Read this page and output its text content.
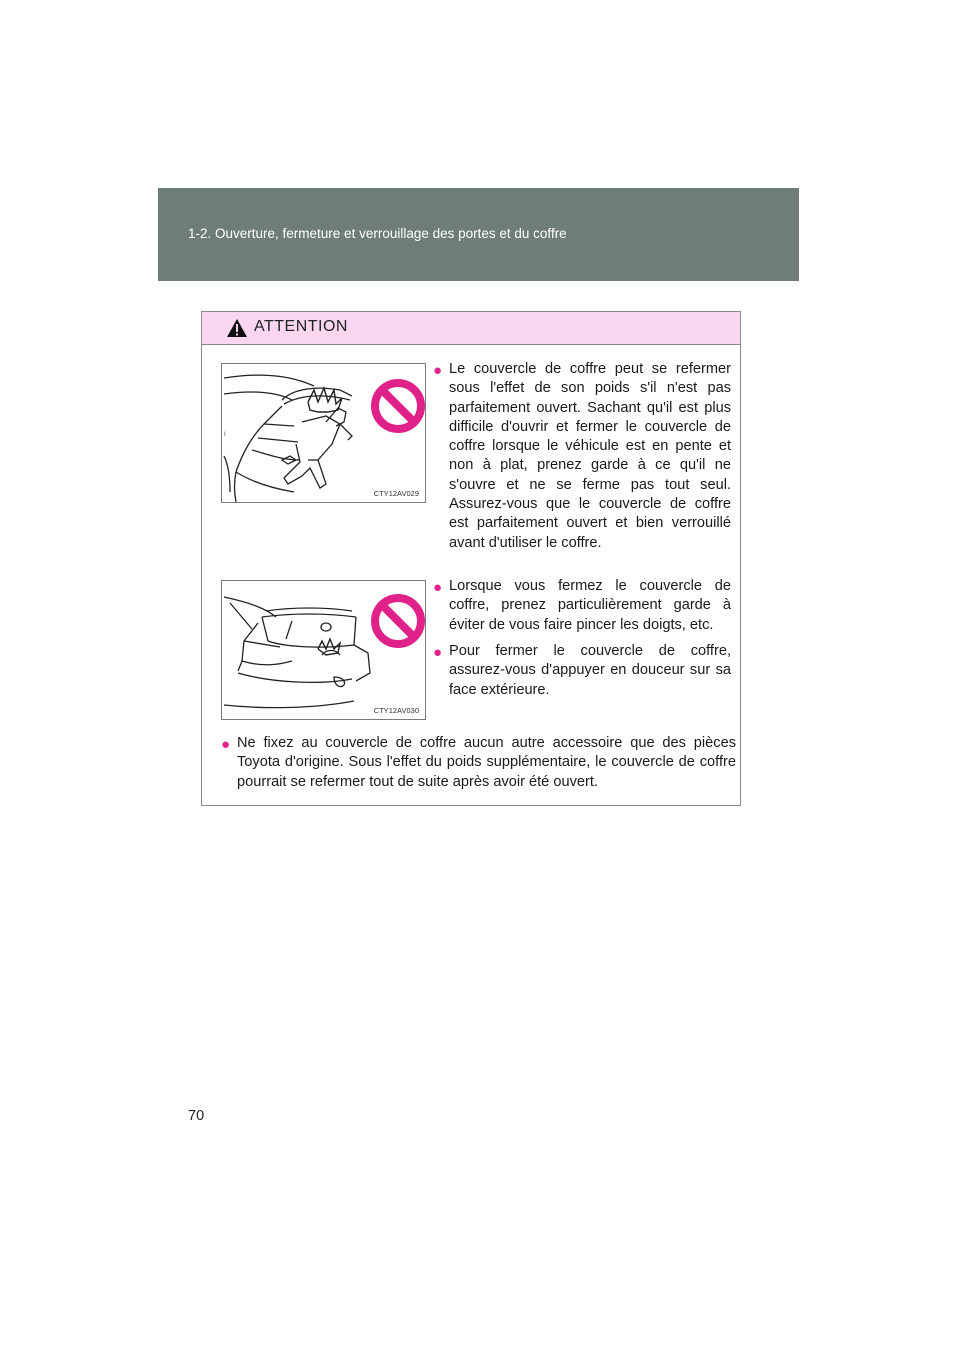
1-2. Ouverture, fermeture et verrouillage des portes et du coffre
ATTENTION
I
CTY12AV029
CTY12AV030
● Le couvercle de coffre peut se refermer sous l'effet de son poids s'il n'est pas parfaitement ouvert. Sachant qu'il est plus difficile d'ouvrir et fermer le couvercle de coffre lorsque le véhicule est en pente et non à plat, prenez garde à ce qu'il ne s'ouvre et ne se ferme pas tout seul. Assurez-vous que le couvercle de coffre est parfaitement ouvert et bien verrouillé avant d'utiliser le coffre.
● Lorsque vous fermez le couvercle de coffre, prenez particulièrement garde à éviter de vous faire pincer les doigts, etc.
● Pour fermer le couvercle de coffre, assurez-vous d'appuyer en douceur sur sa face extérieure.
● Ne fixez au couvercle de coffre aucun autre accessoire que des pièces Toyota d'origine. Sous l'effet du poids supplémentaire, le couvercle de coffre pourrait se refermer tout de suite après avoir été ouvert.
70
